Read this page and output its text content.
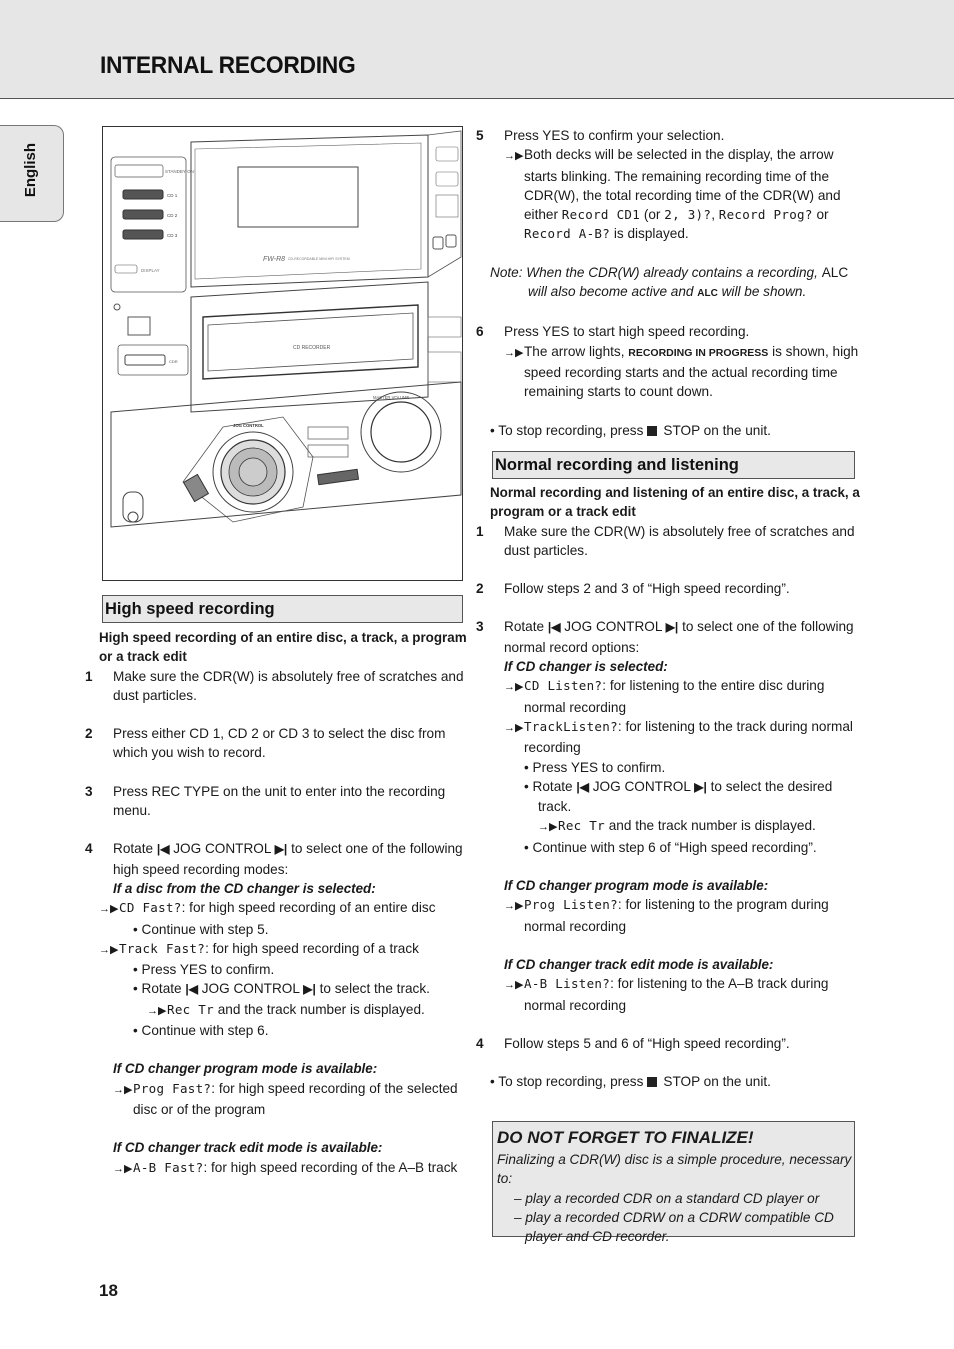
INTERNAL RECORDING
English	STANDBY ON
CD 1
CD 2
CD 3
DISPLAY
FW-R8 CD-RECORDABLE MINI HIFI SYSTEM
CD RECORDER
CDR
JOG CONTROL
MASTER VOLUME
High speed recording

High speed recording of an entire disc, a track, a program or a track edit

1 Make sure the CDR(W) is absolutely free of scratches and dust particles.

2 Press either CD 1, CD 2 or CD 3 to select the disc from which you wish to record.

3 Press REC TYPE on the unit to enter into the recording menu.

4 Rotate |◀ JOG CONTROL ▶| to select one of the following high speed recording modes:

If a disc from the CD changer is selected:

→▶CD Fast?: for high speed recording of an entire disc

• Continue with step 5.

→▶Track Fast?: for high speed recording of a track

• Press YES to confirm.

• Rotate |◀ JOG CONTROL ▶| to select the track.

→▶Rec Tr and the track number is displayed.

• Continue with step 6.

If CD changer program mode is available:

→▶Prog Fast?: for high speed recording of the selected disc or of the program

If CD changer track edit mode is available:

→▶A-B Fast?: for high speed recording of the A–B track

5 Press YES to confirm your selection.

→▶Both decks will be selected in the display, the arrow starts blinking. The remaining recording time of the CDR(W), the total recording time of the CDR(W) and either Record CD1 (or 2, 3)?, Record Prog? or Record A-B? is displayed.

Note: When the CDR(W) already contains a recording, ALC will also become active and ALC will be shown.

6 Press YES to start high speed recording.

→▶The arrow lights, RECORDING IN PROGRESS is shown, high speed recording starts and the actual recording time remaining starts to count down.

• To stop recording, press STOP on the unit.

Normal recording and listening

Normal recording and listening of an entire disc, a track, a program or a track edit

1 Make sure the CDR(W) is absolutely free of scratches and dust particles.

2 Follow steps 2 and 3 of “High speed recording”.

3 Rotate |◀ JOG CONTROL ▶| to select one of the following normal record options:

If CD changer is selected:

→▶CD Listen?: for listening to the entire disc during normal recording

→▶TrackListen?: for listening to the track during normal recording

• Press YES to confirm.

• Rotate |◀ JOG CONTROL ▶| to select the desired track.

→▶Rec Tr and the track number is displayed.

• Continue with step 6 of “High speed recording”.

If CD changer program mode is available:

→▶Prog Listen?: for listening to the program during normal recording

If CD changer track edit mode is available:

→▶A-B Listen?: for listening to the A–B track during normal recording

4 Follow steps 5 and 6 of “High speed recording”.

• To stop recording, press STOP on the unit.

DO NOT FORGET TO FINALIZE!

Finalizing a CDR(W) disc is a simple procedure, necessary to:

– play a recorded CDR on a standard CD player or

– play a recorded CDRW on a CDRW compatible CD player and CD recorder.

18
